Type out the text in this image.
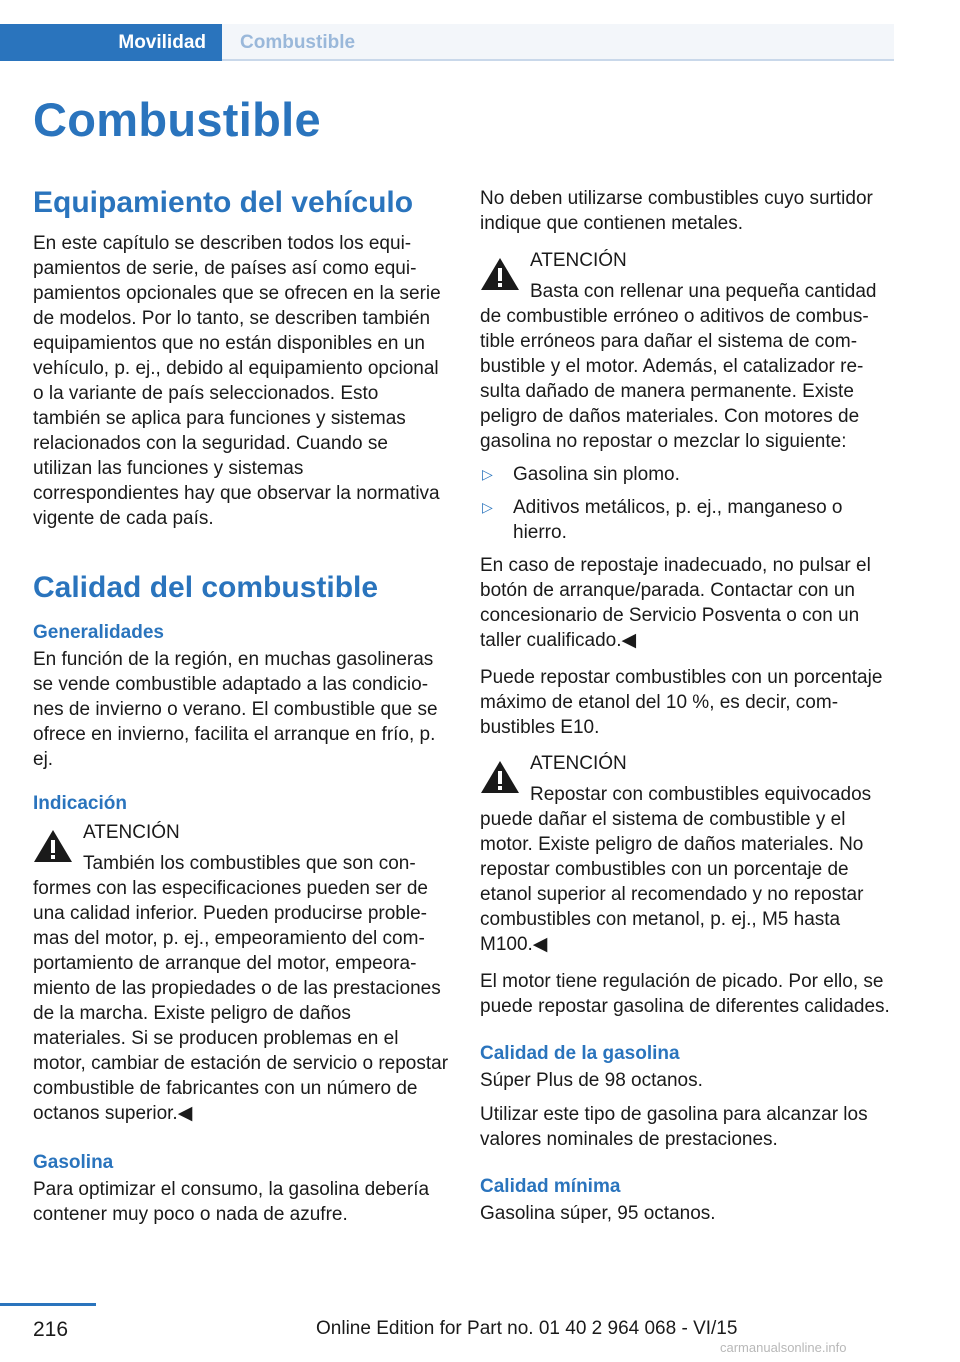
Movilidad	Combustible
Combustible

Equipamiento del vehículo

En este capítulo se describen todos los equipamientos de serie, de países así como equipamientos opcionales que se ofrecen en la serie de modelos. Por lo tanto, se describen también equipamientos que no están disponibles en un vehículo, p. ej., debido al equipamiento opcional o la variante de país seleccionados. Esto también se aplica para funciones y sistemas relacionados con la seguridad. Cuando se utilizan las funciones y sistemas correspondientes hay que observar la normativa vigente de cada país.

Calidad del combustible

Generalidades

En función de la región, en muchas gasolineras se vende combustible adaptado a las condiciones de invierno o verano. El combustible que se ofrece en invierno, facilita el arranque en frío, p. ej.

Indicación

ATENCIÓN

También los combustibles que son conformes con las especificaciones pueden ser de una calidad inferior. Pueden producirse problemas del motor, p. ej., empeoramiento del comportamiento de arranque del motor, empeoramiento de las propiedades o de las prestaciones de la marcha. Existe peligro de daños materiales. Si se producen problemas en el motor, cambiar de estación de servicio o repostar combustible de fabricantes con un número de octanos superior.◀

Gasolina

Para optimizar el consumo, la gasolina debería contener muy poco o nada de azufre.

No deben utilizarse combustibles cuyo surtidor indique que contienen metales.

ATENCIÓN

Basta con rellenar una pequeña cantidad de combustible erróneo o aditivos de combustible erróneos para dañar el sistema de combustible y el motor. Además, el catalizador resulta dañado de manera permanente. Existe peligro de daños materiales. Con motores de gasolina no repostar o mezclar lo siguiente:

▷ Gasolina sin plomo.
▷ Aditivos metálicos, p. ej., manganeso o hierro.

En caso de repostaje inadecuado, no pulsar el botón de arranque/parada. Contactar con un concesionario de Servicio Posventa o con un taller cualificado.◀

Puede repostar combustibles con un porcentaje máximo de etanol del 10 %, es decir, combustibles E10.

ATENCIÓN

Repostar con combustibles equivocados puede dañar el sistema de combustible y el motor. Existe peligro de daños materiales. No repostar combustibles con un porcentaje de etanol superior al recomendado y no repostar combustibles con metanol, p. ej., M5 hasta M100.◀

El motor tiene regulación de picado. Por ello, se puede repostar gasolina de diferentes calidades.

Calidad de la gasolina

Súper Plus de 98 octanos.

Utilizar este tipo de gasolina para alcanzar los valores nominales de prestaciones.

Calidad mínima

Gasolina súper, 95 octanos.

216	Online Edition for Part no. 01 40 2 964 068 - VI/15
carmanualsonline.info
